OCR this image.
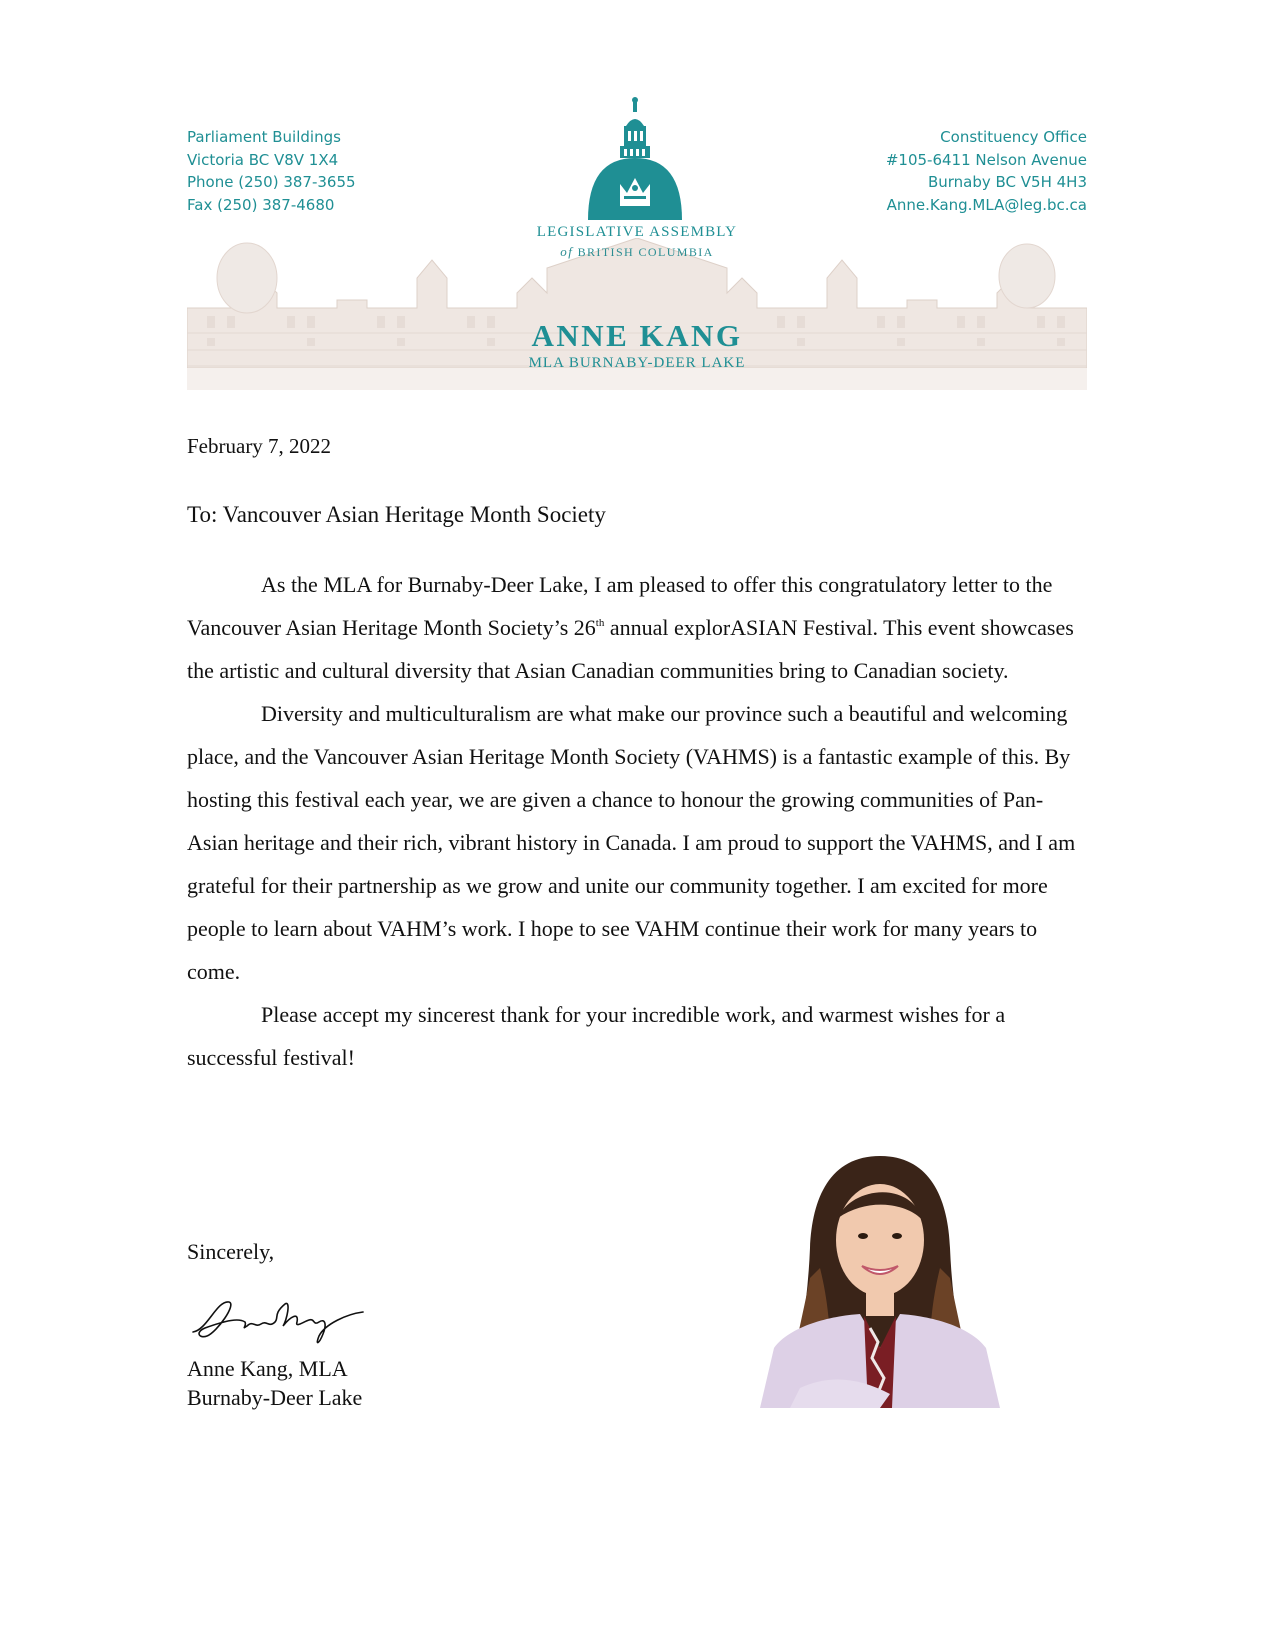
Parliament Buildings
Victoria BC V8V 1X4
Phone (250) 387-3655
Fax (250) 387-4680
Constituency Office
#105-6411 Nelson Avenue
Burnaby BC V5H 4H3
Anne.Kang.MLA@leg.bc.ca
LEGISLATIVE ASSEMBLY
of BRITISH COLUMBIA
ANNE KANG
MLA BURNABY-DEER LAKE
February 7, 2022
To: Vancouver Asian Heritage Month Society

As the MLA for Burnaby-Deer Lake, I am pleased to offer this congratulatory letter to the Vancouver Asian Heritage Month Society’s 26th annual explorASIAN Festival. This event showcases the artistic and cultural diversity that Asian Canadian communities bring to Canadian society.

Diversity and multiculturalism are what make our province such a beautiful and welcoming place, and the Vancouver Asian Heritage Month Society (VAHMS) is a fantastic example of this. By hosting this festival each year, we are given a chance to honour the growing communities of Pan-Asian heritage and their rich, vibrant history in Canada. I am proud to support the VAHMS, and I am grateful for their partnership as we grow and unite our community together. I am excited for more people to learn about VAHM’s work. I hope to see VAHM continue their work for many years to come.

Please accept my sincerest thank for your incredible work, and warmest wishes for a successful festival!

Sincerely,
Anne Kang, MLA
Burnaby-Deer Lake
